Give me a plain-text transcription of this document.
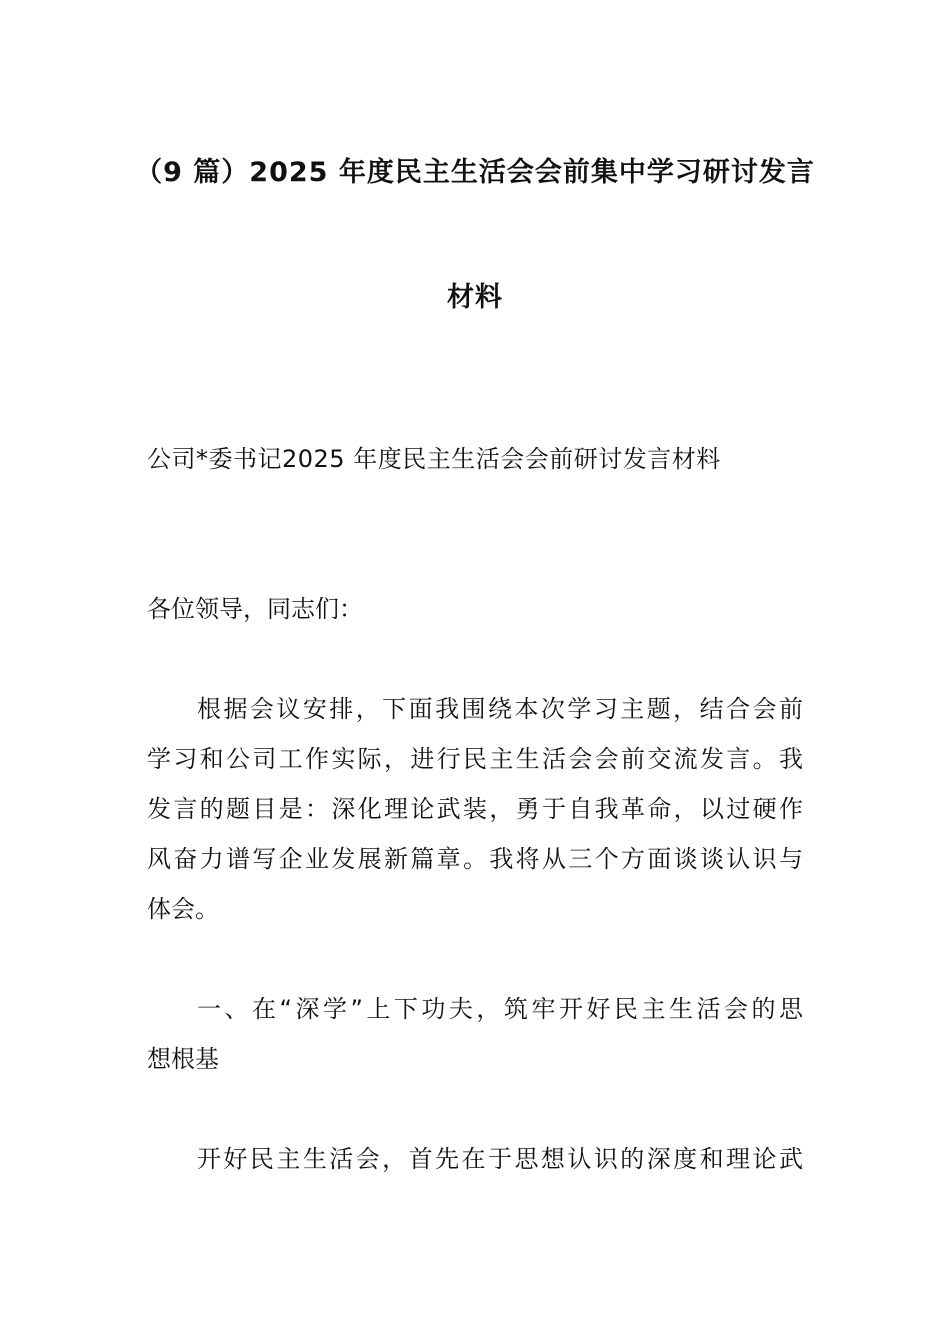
（9 篇）2025 年度民主生活会会前集中学习研讨发言
材料
公司*委书记2025 年度民主生活会会前研讨发言材料
各位领导，同志们：
根据会议安排，下面我围绕本次学习主题，结合会前
学习和公司工作实际，进行民主生活会会前交流发言。我
发言的题目是：深化理论武装，勇于自我革命，以过硬作
风奋力谱写企业发展新篇章。我将从三个方面谈谈认识与
体会。
一、在“深学”上下功夫，筑牢开好民主生活会的思
想根基
开好民主生活会，首先在于思想认识的深度和理论武
